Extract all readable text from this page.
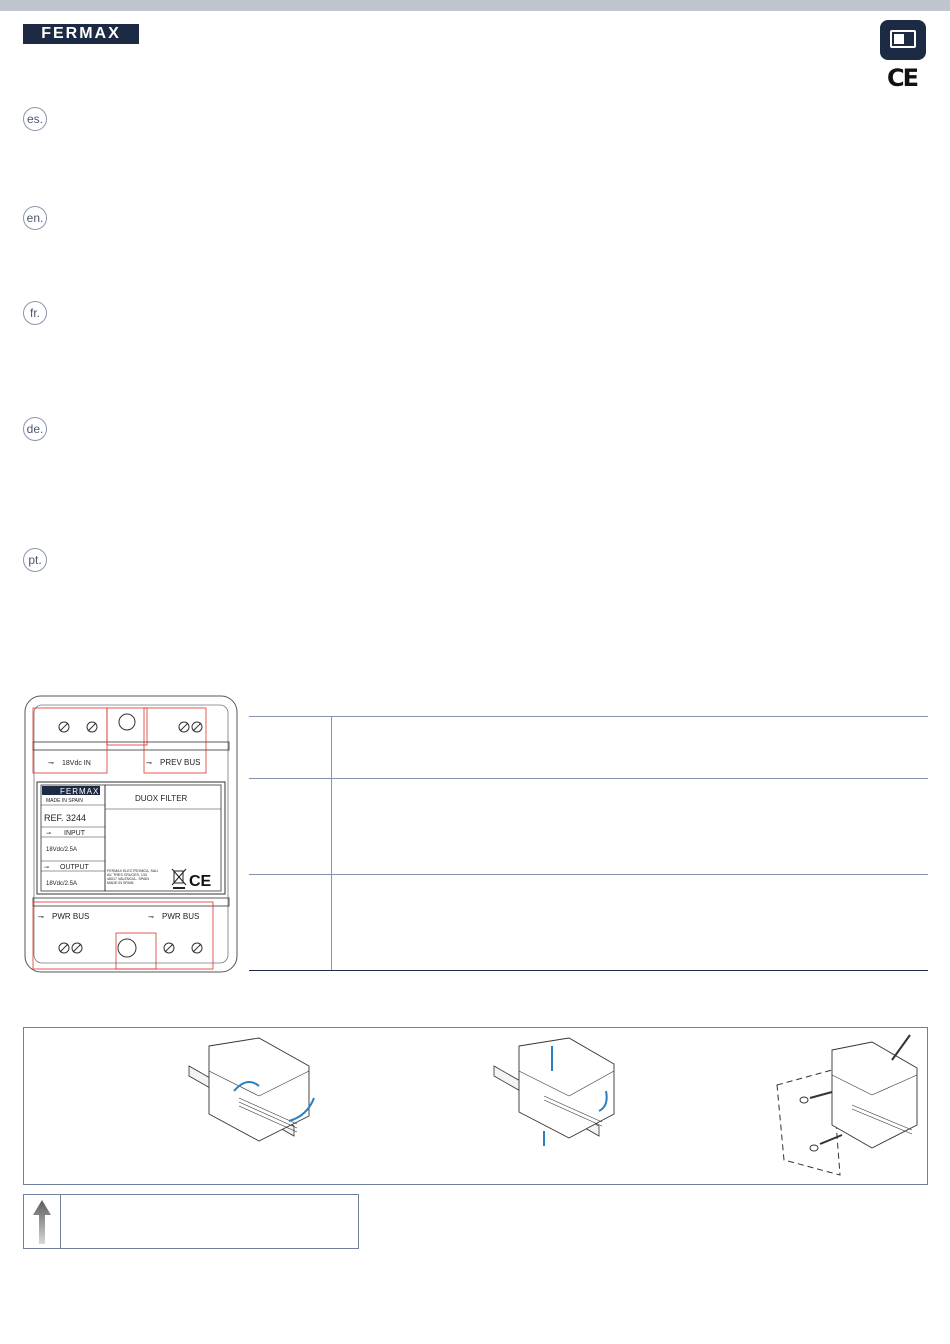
FERMAX
CE
es.
en.
fr.
de.
pt.
⊸ 18Vdc IN	⊸ PREV BUS
FERMAX
MADE IN SPAIN
REF. 3244
⊸ INPUT
18Vdc/2.5A
⊸ OUTPUT
18Vdc/2.5A
DUOX FILTER
FERMAX ELECTRONICA, SAU
AV. TRES CRUCES, 133
46017 VALENCIA - SPAIN
MADE IN SPAIN	CE
⊸ PWR BUS	⊸ PWR BUS
